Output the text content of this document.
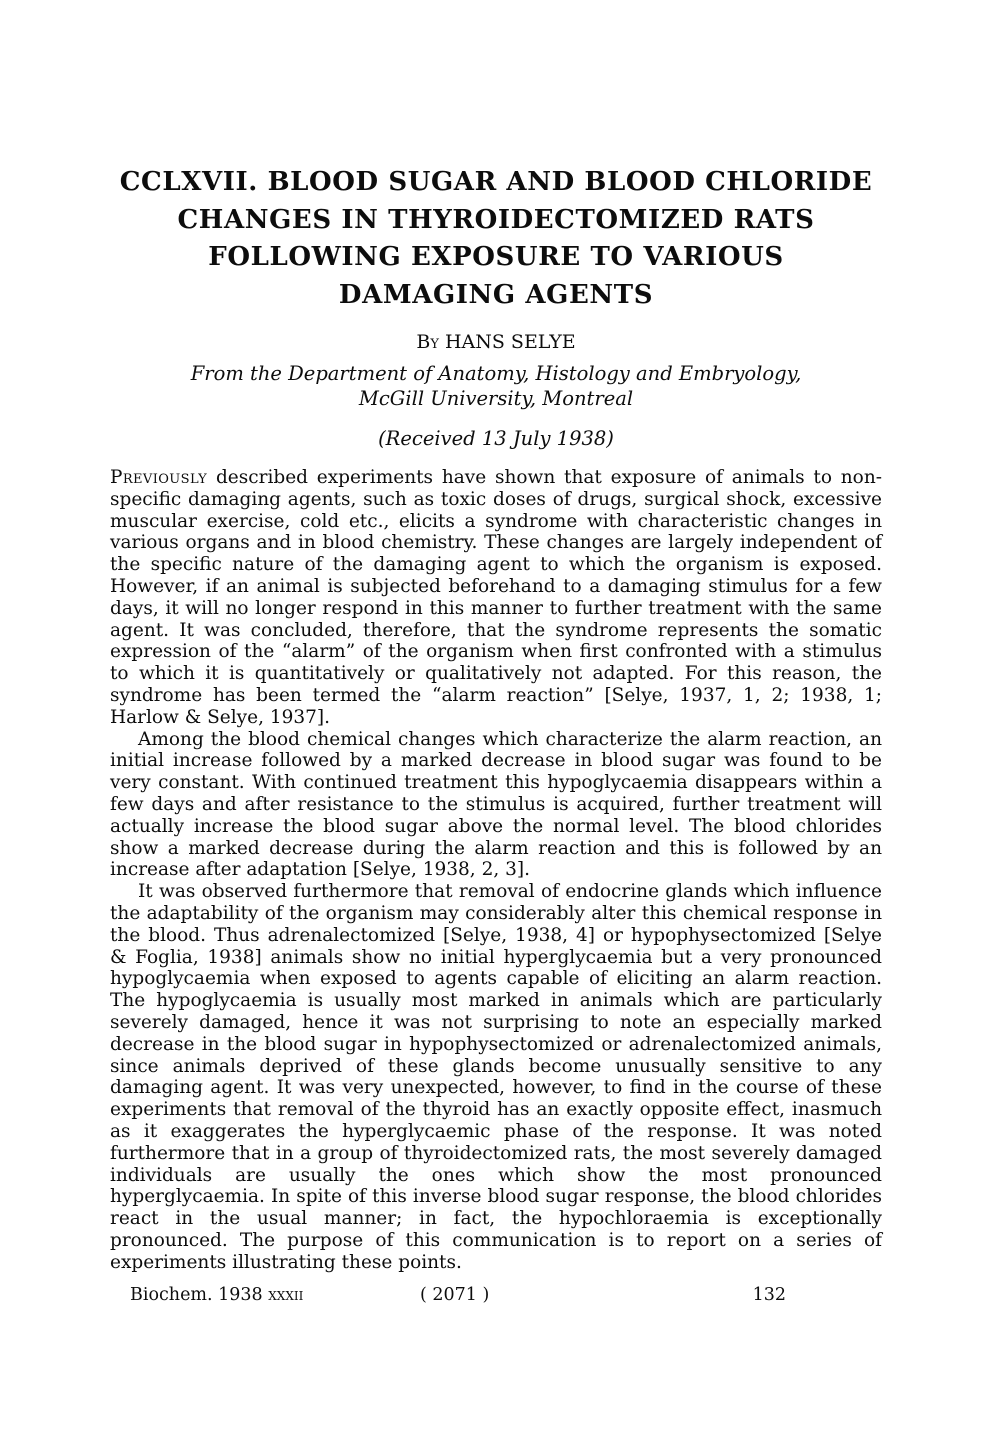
CCLXVII. BLOOD SUGAR AND BLOOD CHLORIDE
CHANGES IN THYROIDECTOMIZED RATS
FOLLOWING EXPOSURE TO VARIOUS
DAMAGING AGENTS
By HANS SELYE
From the Department of Anatomy, Histology and Embryology,
McGill University, Montreal
(Received 13 July 1938)

Previously described experiments have shown that exposure of animals to non-specific damaging agents, such as toxic doses of drugs, surgical shock, excessive muscular exercise, cold etc., elicits a syndrome with characteristic changes in various organs and in blood chemistry. These changes are largely independent of the specific nature of the damaging agent to which the organism is exposed. However, if an animal is subjected beforehand to a damaging stimulus for a few days, it will no longer respond in this manner to further treatment with the same agent. It was concluded, therefore, that the syndrome represents the somatic expression of the “alarm” of the organism when first confronted with a stimulus to which it is quantitatively or qualitatively not adapted. For this reason, the syndrome has been termed the “alarm reaction” [Selye, 1937, 1, 2; 1938, 1; Harlow & Selye, 1937].

Among the blood chemical changes which characterize the alarm reaction, an initial increase followed by a marked decrease in blood sugar was found to be very constant. With continued treatment this hypoglycaemia disappears within a few days and after resistance to the stimulus is acquired, further treatment will actually increase the blood sugar above the normal level. The blood chlorides show a marked decrease during the alarm reaction and this is followed by an increase after adaptation [Selye, 1938, 2, 3].

It was observed furthermore that removal of endocrine glands which influence the adaptability of the organism may considerably alter this chemical response in the blood. Thus adrenalectomized [Selye, 1938, 4] or hypophysectomized [Selye & Foglia, 1938] animals show no initial hyperglycaemia but a very pronounced hypoglycaemia when exposed to agents capable of eliciting an alarm reaction. The hypoglycaemia is usually most marked in animals which are particularly severely damaged, hence it was not surprising to note an especially marked decrease in the blood sugar in hypophysectomized or adrenalectomized animals, since animals deprived of these glands become unusually sensitive to any damaging agent. It was very unexpected, however, to find in the course of these experiments that removal of the thyroid has an exactly opposite effect, inasmuch as it exaggerates the hyperglycaemic phase of the response. It was noted furthermore that in a group of thyroidectomized rats, the most severely damaged individuals are usually the ones which show the most pronounced hyperglycaemia. In spite of this inverse blood sugar response, the blood chlorides react in the usual manner; in fact, the hypochloraemia is exceptionally pronounced. The purpose of this communication is to report on a series of experiments illustrating these points.

Biochem. 1938 xxxii	( 2071 )	132
